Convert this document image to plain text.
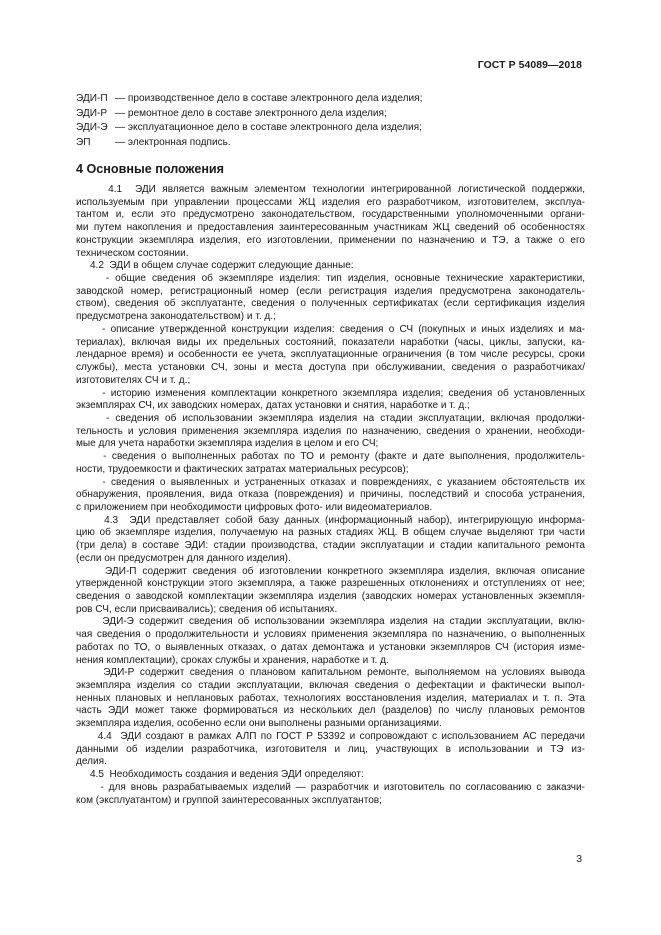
ГОСТ Р 54089—2018
ЭДИ-П — производственное дело в составе электронного дела изделия;
ЭДИ-Р — ремонтное дело в составе электронного дела изделия;
ЭДИ-Э — эксплуатационное дело в составе электронного дела изделия;
ЭП — электронная подпись.
4 Основные положения
4.1  ЭДИ является важным элементом технологии интегрированной логистической поддержки,
используемым при управлении процессами ЖЦ изделия его разработчиком, изготовителем, эксплуа-
тантом и, если это предусмотрено законодательством, государственными уполномоченными органи-
ми путем накопления и предоставления заинтересованным участникам ЖЦ сведений об особенностях
конструкции экземпляра изделия, его изготовлении, применении по назначению и ТЭ, а также о его
техническом состоянии.
4.2  ЭДИ в общем случае содержит следующие данные:
- общие сведения об экземпляре изделия: тип изделия, основные технические характеристики,
заводской номер, регистрационный номер (если регистрация изделия предусмотрена законодатель-
ством), сведения об эксплуатанте, сведения о полученных сертификатах (если сертификация изделия
предусмотрена законодательством) и т. д.;
- описание утвержденной конструкции изделия: сведения о СЧ (покупных и иных изделиях и ма-
териалах), включая виды их предельных состояний, показатели наработки (часы, циклы, запуски, ка-
лендарное время) и особенности ее учета, эксплуатационные ограничения (в том числе ресурсы, сроки
службы), места установки СЧ, зоны и места доступа при обслуживании, сведения о разработчиках/
изготовителях СЧ и т. д.;
- историю изменения комплектации конкретного экземпляра изделия; сведения об установленных
экземплярах СЧ, их заводских номерах, датах установки и снятия, наработке и т. д.;
- сведения об использовании экземпляра изделия на стадии эксплуатации, включая продолжи-
тельность и условия применения экземпляра изделия по назначению, сведения о хранении, необходи-
мые для учета наработки экземпляра изделия в целом и его СЧ;
- сведения о выполненных работах по ТО и ремонту (факте и дате выполнения, продолжитель-
ности, трудоемкости и фактических затратах материальных ресурсов);
- сведения о выявленных и устраненных отказах и повреждениях, с указанием обстоятельств их
обнаружения, проявления, вида отказа (повреждения) и причины, последствий и способа устранения,
с приложением при необходимости цифровых фото- или видеоматериалов.
4.3  ЭДИ представляет собой базу данных (информационный набор), интегрирующую информа-
цию об экземпляре изделия, получаемую на разных стадиях ЖЦ. В общем случае выделяют три части
(три дела) в составе ЭДИ: стадии производства, стадии эксплуатации и стадии капитального ремонта
(если он предусмотрен для данного изделия).
ЭДИ-П содержит сведения об изготовлении конкретного экземпляра изделия, включая описание
утвержденной конструкции этого экземпляра, а также разрешенных отклонениях и отступлениях от нее;
сведения о заводской комплектации экземпляра изделия (заводских номерах установленных экземпля-
ров СЧ, если присваивались); сведения об испытаниях.
ЭДИ-Э содержит сведения об использовании экземпляра изделия на стадии эксплуатации, вклю-
чая сведения о продолжительности и условиях применения экземпляра по назначению, о выполненных
работах по ТО, о выявленных отказах, о датах демонтажа и установки экземпляров СЧ (история изме-
нения комплектации), сроках службы и хранения, наработке и т. д.
ЭДИ-Р содержит сведения о плановом капитальном ремонте, выполняемом на условиях вывода
экземпляра изделия со стадии эксплуатации, включая сведения о дефектации и фактически выпол-
ненных плановых и неплановых работах, технологиях восстановления изделия, материалах и т. п. Эта
часть ЭДИ может также формироваться из нескольких дел (разделов) по числу плановых ремонтов
экземпляра изделия, особенно если они выполнены разными организациями.
4.4  ЭДИ создают в рамках АЛП по ГОСТ Р 53392 и сопровождают с использованием АС передачи
данными об изделии разработчика, изготовителя и лиц, участвующих в использовании и ТЭ из-
делия.
4.5  Необходимость создания и ведения ЭДИ определяют:
- для вновь разрабатываемых изделий — разработчик и изготовитель по согласованию с заказчи-
ком (эксплуатантом) и группой заинтересованных эксплуатантов;
3
